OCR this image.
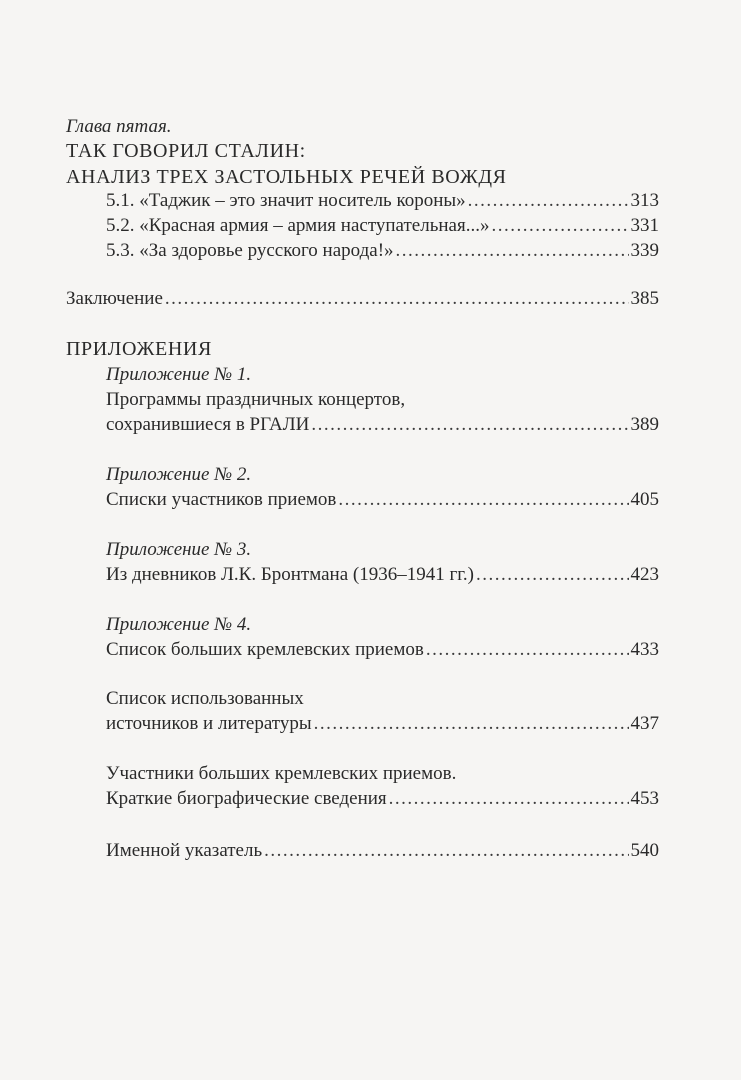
Глава пятая.
ТАК ГОВОРИЛ СТАЛИН:
АНАЛИЗ ТРЕХ ЗАСТОЛЬНЫХ РЕЧЕЙ ВОЖДЯ
5.1. «Таджик – это значит носитель короны» .....	313
5.2. «Красная армия – армия наступательная...» .....	331
5.3. «За здоровье русского народа!» .....	339
Заключение .....	385
ПРИЛОЖЕНИЯ
Приложение № 1.
Программы праздничных концертов,
сохранившиеся в РГАЛИ .....	389
Приложение № 2.
Списки участников приемов .....	405
Приложение № 3.
Из дневников Л.К. Бронтмана (1936–1941 гг.) .....	423
Приложение № 4.
Список больших кремлевских приемов .....	433
Список использованных
источников и литературы .....	437
Участники больших кремлевских приемов.
Краткие биографические сведения .....	453
Именной указатель .....	540
